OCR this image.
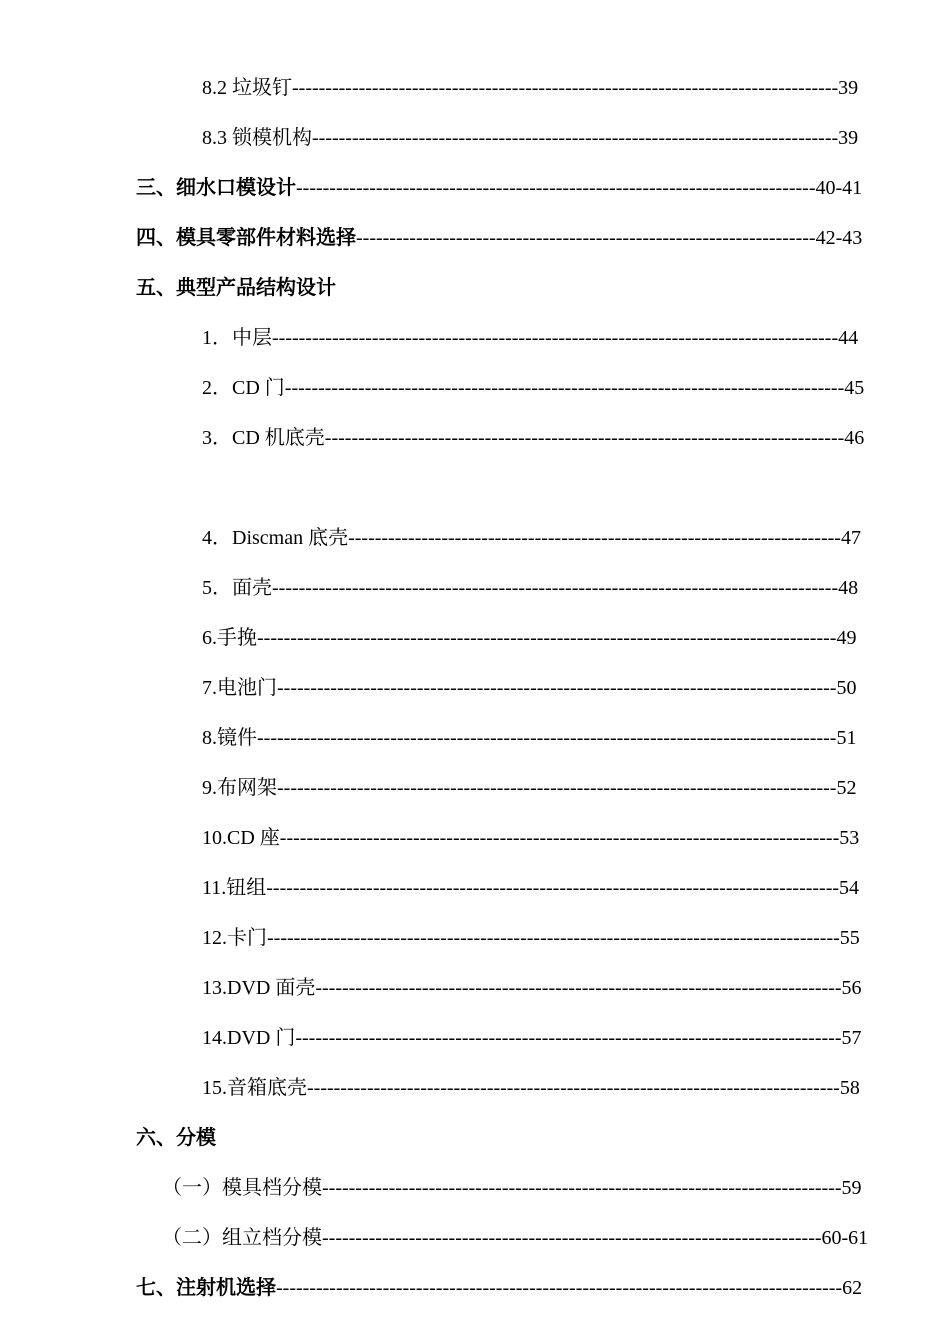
8.2 垃圾钉----------------------------------------------------------------------------------39
8.3 锁模机构-------------------------------------------------------------------------------39
三、细水口模设计------------------------------------------------------------------------------40-41
四、模具零部件材料选择---------------------------------------------------------------------42-43
五、典型产品结构设计
1．中层-------------------------------------------------------------------------------------44
2．CD 门------------------------------------------------------------------------------------45
3．CD 机底壳------------------------------------------------------------------------------46
4．Discman 底壳--------------------------------------------------------------------------47
5．面壳-------------------------------------------------------------------------------------48
6.手挽---------------------------------------------------------------------------------------49
7.电池门------------------------------------------------------------------------------------50
8.镜件---------------------------------------------------------------------------------------51
9.布网架------------------------------------------------------------------------------------52
10.CD 座------------------------------------------------------------------------------------53
11.钮组--------------------------------------------------------------------------------------54
12.卡门--------------------------------------------------------------------------------------55
13.DVD 面壳-------------------------------------------------------------------------------56
14.DVD 门----------------------------------------------------------------------------------57
15.音箱底壳--------------------------------------------------------------------------------58
六、分模
（一）模具档分模------------------------------------------------------------------------------59
（二）组立档分模---------------------------------------------------------------------------60-61
七、注射机选择-------------------------------------------------------------------------------------62
